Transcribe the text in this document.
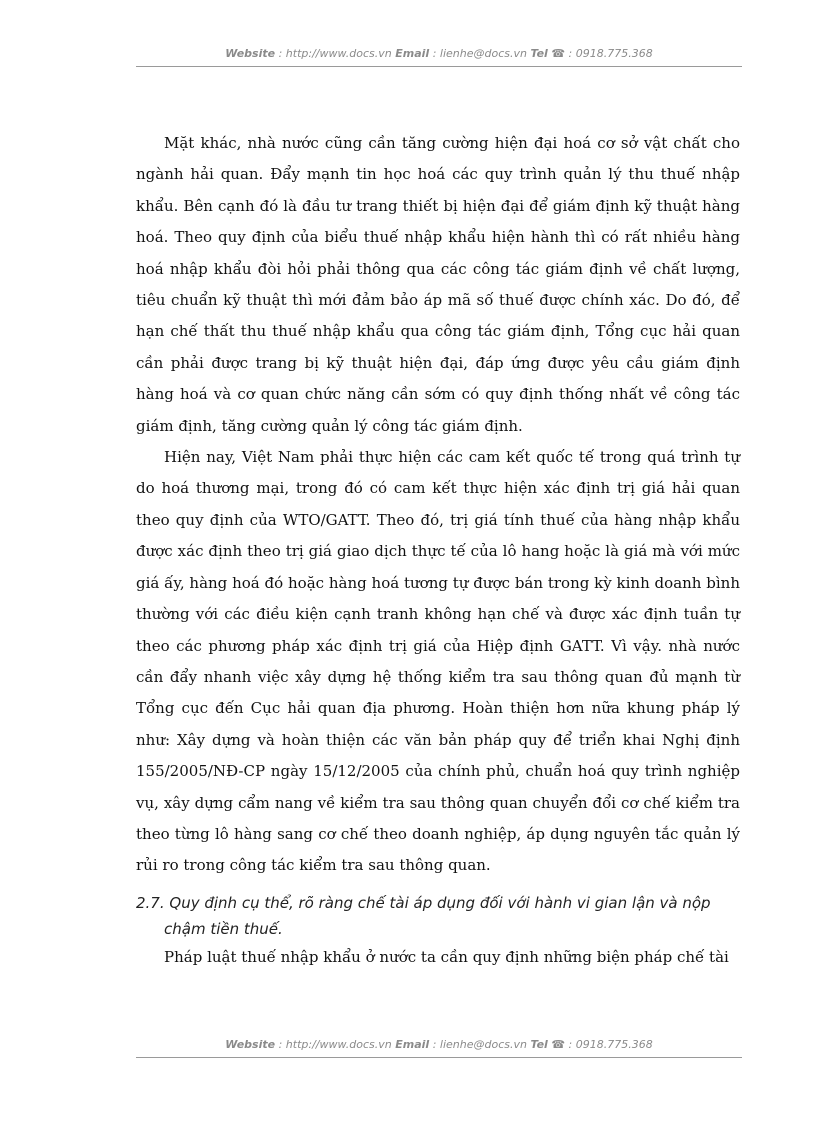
Website : http://www.docs.vn Email : lienhe@docs.vn Tel ☎ : 0918.775.368

Mặt khác, nhà nước cũng cần tăng cường hiện đại hoá cơ sở vật chất cho ngành hải quan. Đẩy mạnh tin học hoá các quy trình quản lý thu thuế nhập khẩu. Bên cạnh đó là đầu tư trang thiết bị hiện đại để giám định kỹ thuật hàng hoá. Theo quy định của biểu thuế nhập khẩu hiện hành thì có rất nhiều hàng hoá nhập khẩu đòi hỏi phải thông qua các công tác giám định về chất lượng, tiêu chuẩn kỹ thuật thì mới đảm bảo áp mã số thuế được chính xác. Do đó, để hạn chế thất thu thuế nhập khẩu qua công tác giám định, Tổng cục hải quan cần phải được trang bị kỹ thuật hiện đại, đáp ứng được yêu cầu giám định hàng hoá và cơ quan chức năng cần sớm có quy định thống nhất về công tác giám định, tăng cường quản lý công tác giám định.

Hiện nay, Việt Nam phải thực hiện các cam kết quốc tế trong quá trình tự do hoá thương mại, trong đó có cam kết thực hiện xác định trị giá hải quan theo quy định của WTO/GATT. Theo đó, trị giá tính thuế của hàng nhập khẩu được xác định theo trị giá giao dịch thực tế của lô hang hoặc là giá mà với mức giá ấy, hàng hoá đó hoặc hàng hoá tương tự được bán trong kỳ kinh doanh bình thường với các điều kiện cạnh tranh không hạn chế và được xác định tuần tự theo các phương pháp xác định trị giá của Hiệp định GATT. Vì vậy. nhà nước cần đẩy nhanh việc xây dựng hệ thống kiểm tra sau thông quan đủ mạnh từ Tổng cục đến Cục hải quan địa phương. Hoàn thiện hơn nữa khung pháp lý như: Xây dựng và hoàn thiện các văn bản pháp quy để triển khai Nghị định 155/2005/NĐ-CP ngày 15/12/2005 của chính phủ, chuẩn hoá quy trình nghiệp vụ, xây dựng cẩm nang về kiểm tra sau thông quan chuyển đổi cơ chế kiểm tra theo từng lô hàng sang cơ chế theo doanh nghiệp, áp dụng nguyên tắc quản lý rủi ro trong công tác kiểm tra sau thông quan.

2.7. Quy định cụ thể, rõ ràng chế tài áp dụng đối với hành vi gian lận và nộp chậm tiền thuế.

Pháp luật thuế nhập khẩu ở nước ta cần quy định những biện pháp chế tài

Website : http://www.docs.vn Email : lienhe@docs.vn Tel ☎ : 0918.775.368
